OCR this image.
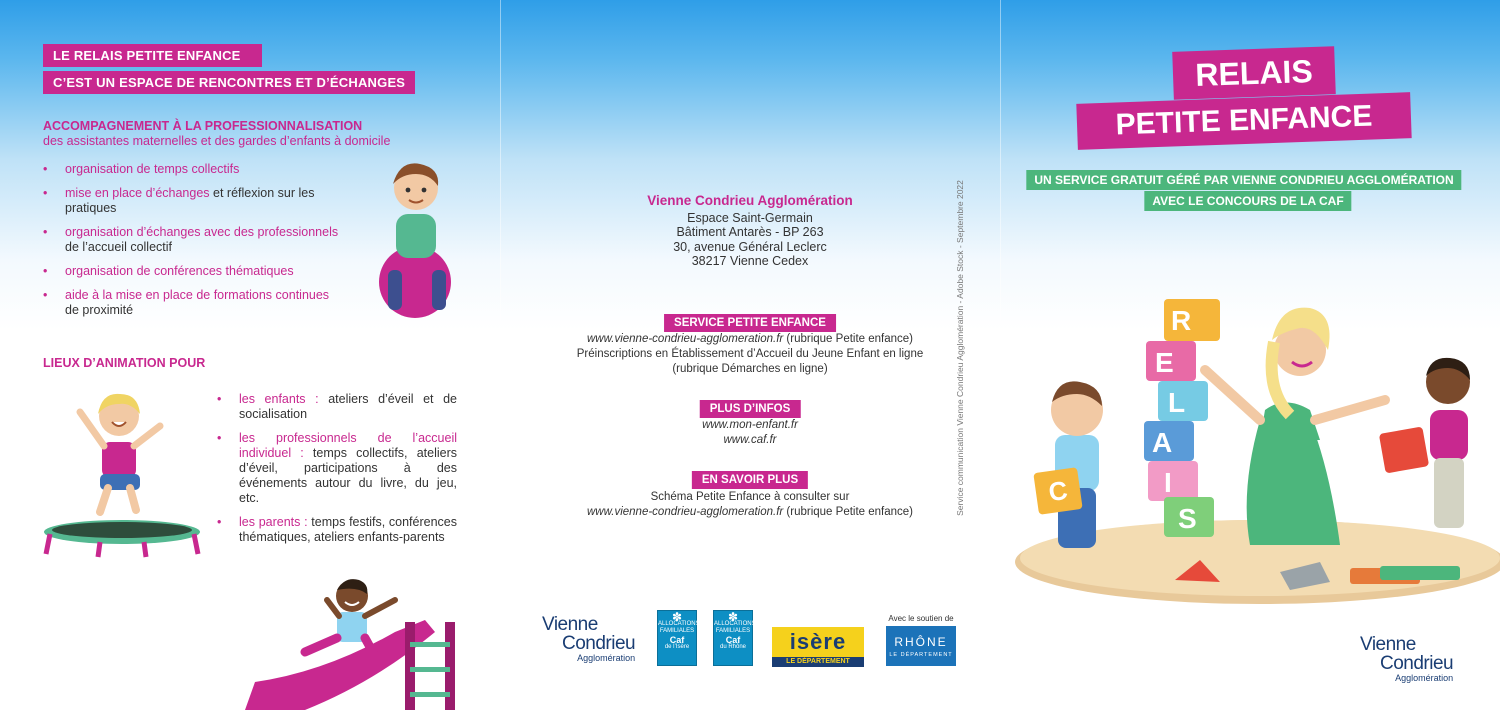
LE RELAIS PETITE ENFANCE
C’EST UN ESPACE DE RENCONTRES ET D’ÉCHANGES
ACCOMPAGNEMENT À LA PROFESSIONNALISATION
des assistantes maternelles et des gardes d’enfants à domicile
• organisation de temps collectifs
• mise en place d’échanges et réflexion sur les pratiques
• organisation d’échanges avec des professionnels de l’accueil collectif
• organisation de conférences thématiques
• aide à la mise en place de formations continues de proximité
LIEUX D’ANIMATION POUR
• les enfants : ateliers d’éveil et de socialisation
• les professionnels de l’accueil individuel : temps collectifs, ateliers d’éveil, participations à des événements autour du livre, du jeu, etc.
• les parents : temps festifs, conférences thématiques, ateliers enfants-parents
Vienne Condrieu Agglomération
Espace Saint-Germain
Bâtiment Antarès - BP 263
30, avenue Général Leclerc
38217 Vienne Cedex
SERVICE PETITE ENFANCE
www.vienne-condrieu-agglomeration.fr (rubrique Petite enfance)
Préinscriptions en Établissement d’Accueil du Jeune Enfant en ligne
(rubrique Démarches en ligne)
PLUS D’INFOS
www.mon-enfant.fr
www.caf.fr
EN SAVOIR PLUS
Schéma Petite Enfance à consulter sur
www.vienne-condrieu-agglomeration.fr (rubrique Petite enfance)	Service communication Vienne Condrieu Agglomération - Adobe Stock - Septembre 2022
Vienne
Condrieu
Agglomération
✽
ALLOCATIONS FAMILIALES
Caf
de l’Isère
✽
ALLOCATIONS FAMILIALES
Caf
du Rhône	isère
LE DÉPARTEMENT
Avec le soutien de
RHÔNE
LE DÉPARTEMENT
RELAIS
PETITE ENFANCE
UN SERVICE GRATUIT GÉRÉ PAR VIENNE CONDRIEU AGGLOMÉRATION
AVEC LE CONCOURS DE LA CAF
R
E
L
A
I
S
C
Vienne
Condrieu
Agglomération
